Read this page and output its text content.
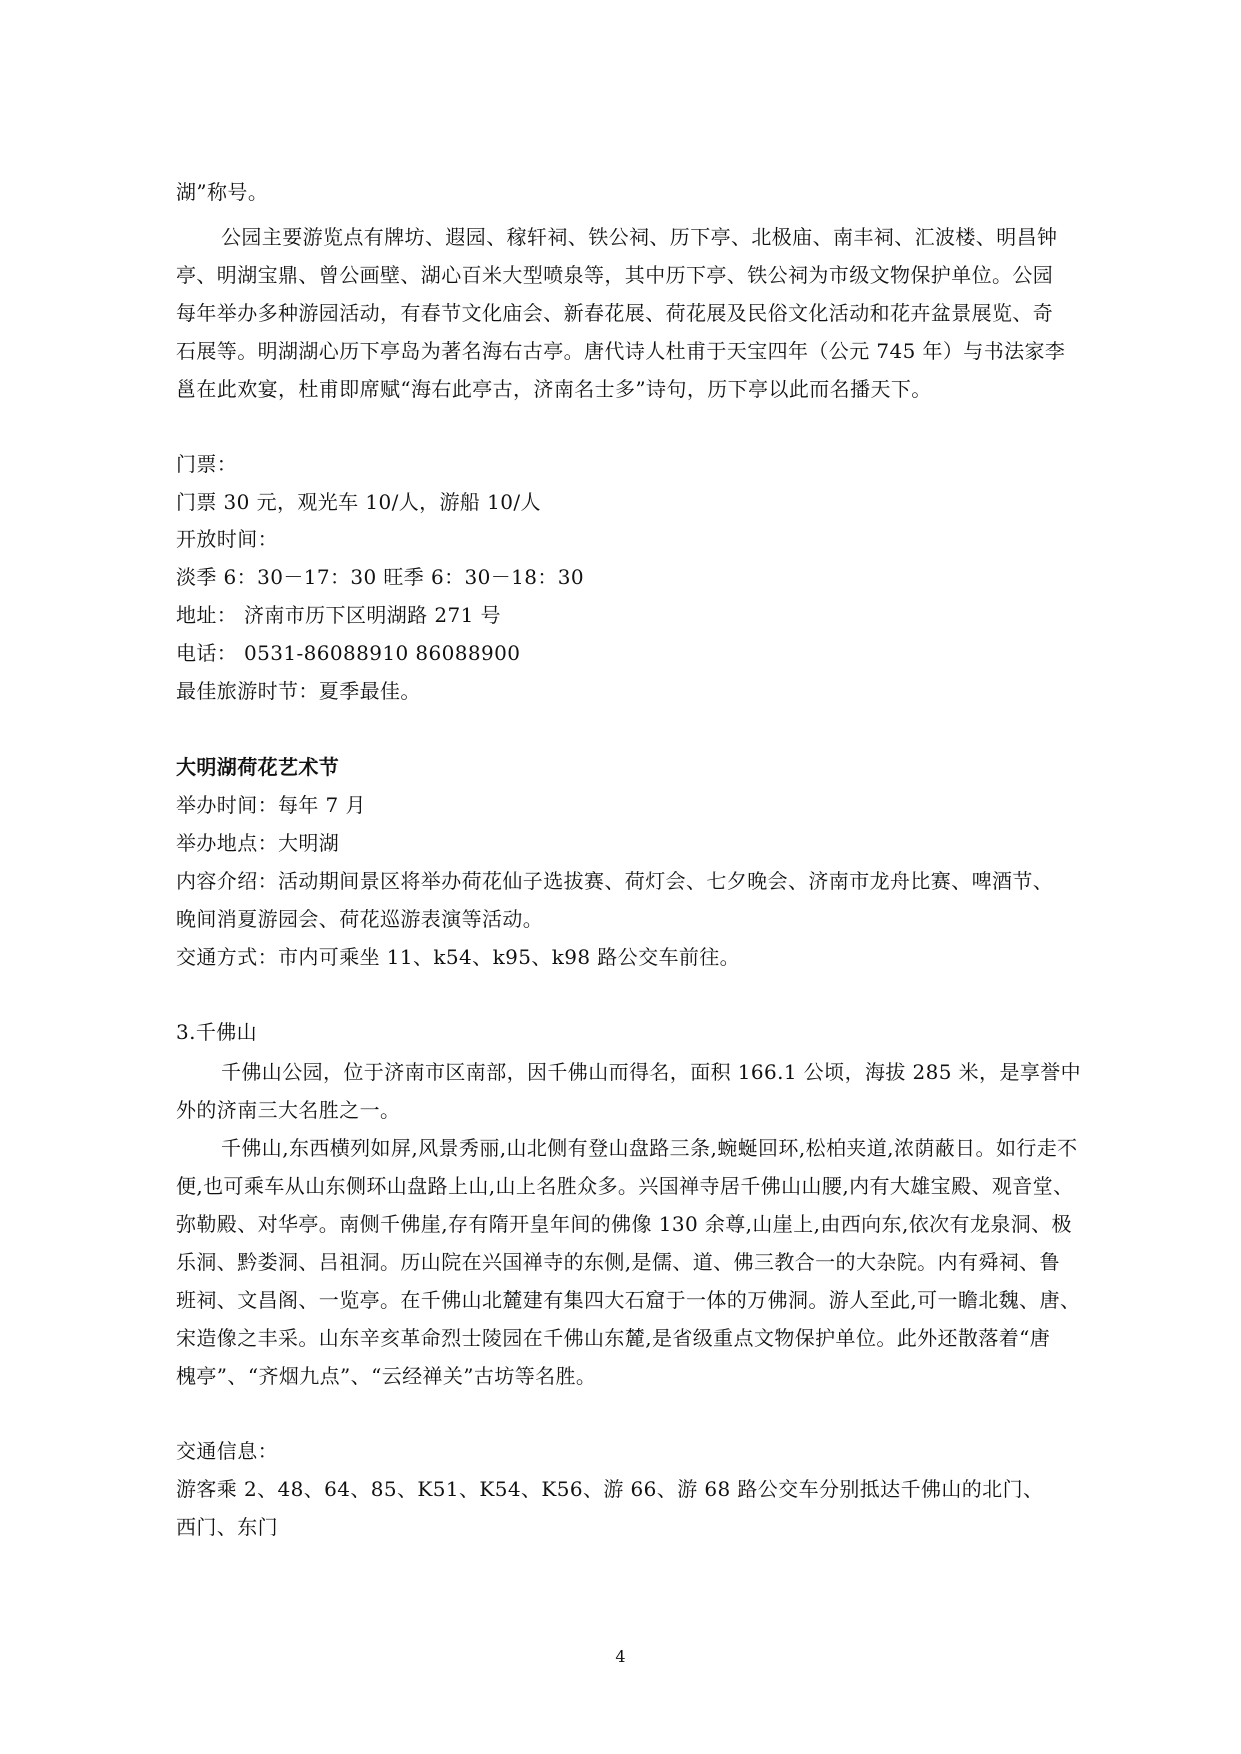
湖”称号。
公园主要游览点有牌坊、遐园、稼轩祠、铁公祠、历下亭、北极庙、南丰祠、汇波楼、明昌钟
亭、明湖宝鼎、曾公画壁、湖心百米大型喷泉等，其中历下亭、铁公祠为市级文物保护单位。公园
每年举办多种游园活动，有春节文化庙会、新春花展、荷花展及民俗文化活动和花卉盆景展览、奇
石展等。明湖湖心历下亭岛为著名海右古亭。唐代诗人杜甫于天宝四年（公元 745 年）与书法家李
邕在此欢宴，杜甫即席赋“海右此亭古，济南名士多”诗句，历下亭以此而名播天下。
门票：
门票 30 元，观光车 10/人，游船 10/人
开放时间：
淡季 6：30－17：30 旺季 6：30－18：30
地址： 济南市历下区明湖路 271 号
电话： 0531-86088910 86088900
最佳旅游时节：夏季最佳。
大明湖荷花艺术节
举办时间：每年 7 月
举办地点：大明湖
内容介绍：活动期间景区将举办荷花仙子选拔赛、荷灯会、七夕晚会、济南市龙舟比赛、啤酒节、
晚间消夏游园会、荷花巡游表演等活动。
交通方式：市内可乘坐 11、k54、k95、k98 路公交车前往。
3.千佛山
千佛山公园，位于济南市区南部，因千佛山而得名，面积 166.1 公顷，海拔 285 米，是享誉中
外的济南三大名胜之一。
千佛山,东西横列如屏,风景秀丽,山北侧有登山盘路三条,蜿蜒回环,松柏夹道,浓荫蔽日。如行走不
便,也可乘车从山东侧环山盘路上山,山上名胜众多。兴国禅寺居千佛山山腰,内有大雄宝殿、观音堂、
弥勒殿、对华亭。南侧千佛崖,存有隋开皇年间的佛像 130 余尊,山崖上,由西向东,依次有龙泉洞、极
乐洞、黔娄洞、吕祖洞。历山院在兴国禅寺的东侧,是儒、道、佛三教合一的大杂院。内有舜祠、鲁
班祠、文昌阁、一览亭。在千佛山北麓建有集四大石窟于一体的万佛洞。游人至此,可一瞻北魏、唐、
宋造像之丰采。山东辛亥革命烈士陵园在千佛山东麓,是省级重点文物保护单位。此外还散落着“唐
槐亭”、“齐烟九点”、“云经禅关”古坊等名胜。
交通信息：
游客乘 2、48、64、85、K51、K54、K56、游 66、游 68 路公交车分别抵达千佛山的北门、
西门、东门
4
